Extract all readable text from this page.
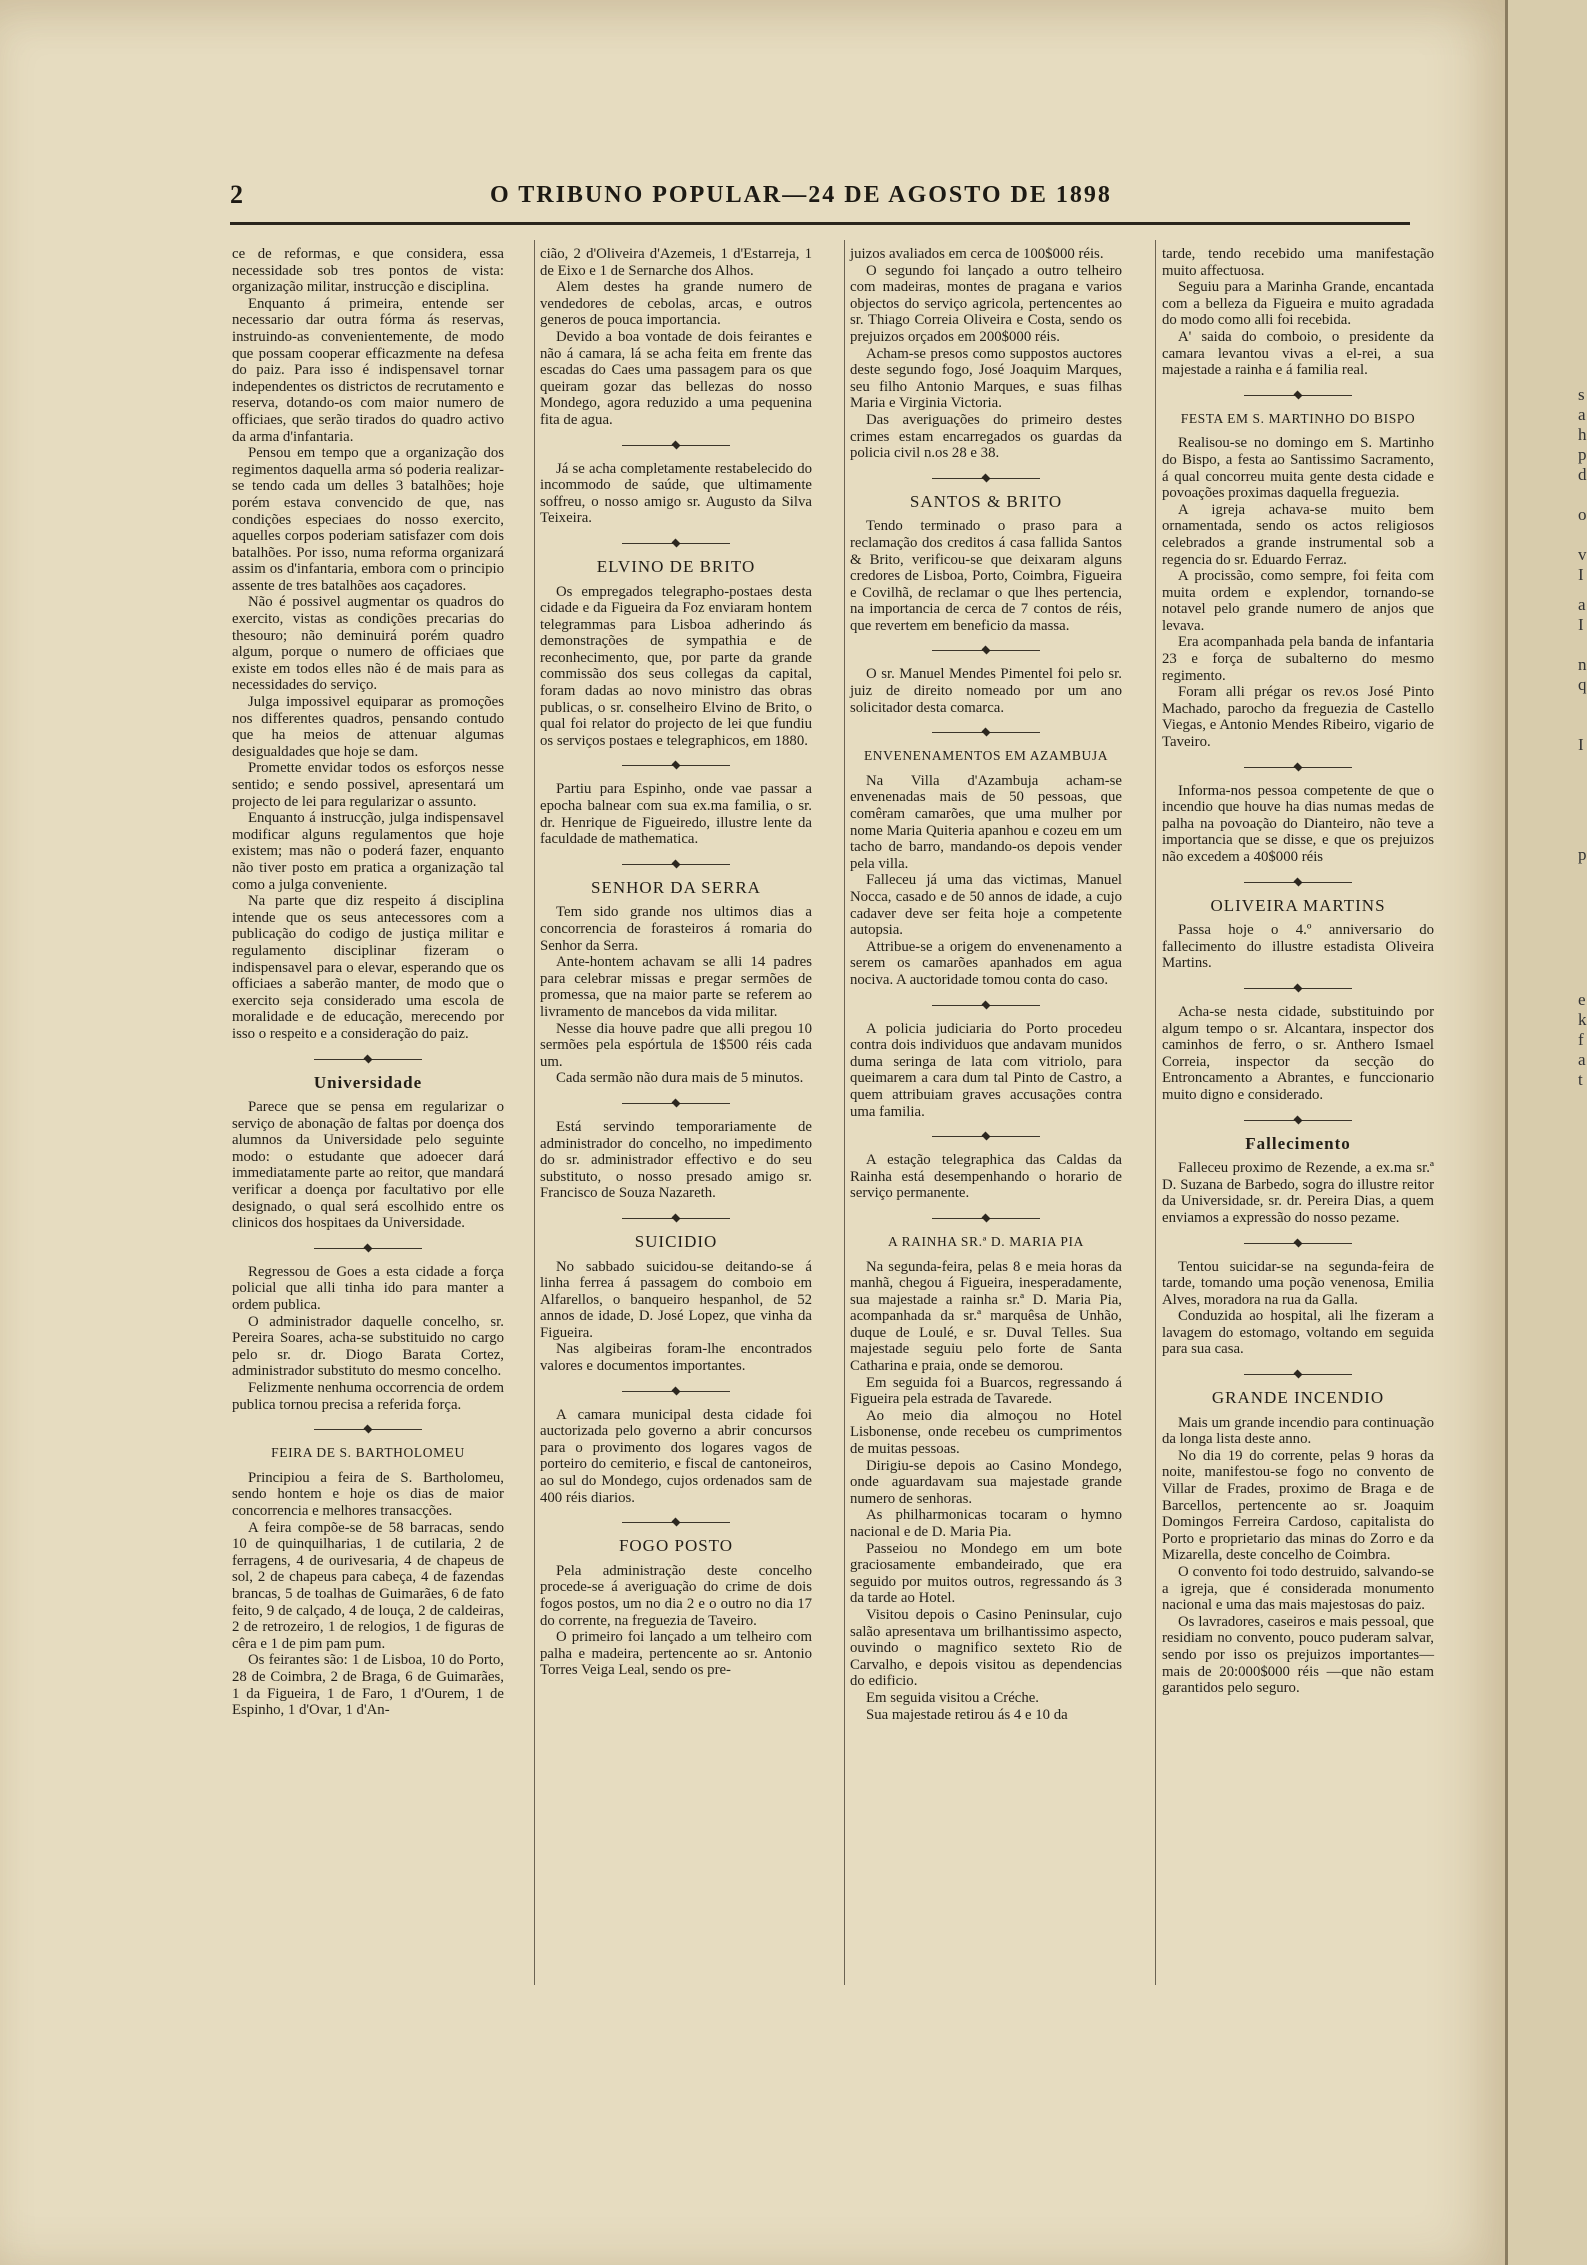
2	O TRIBUNO POPULAR—24 DE AGOSTO DE 1898

ce de reformas, e que considera, essa necessidade sob tres pontos de vista: organização militar, instrucção e disciplina.

Enquanto á primeira, entende ser necessario dar outra fórma ás reservas, instruindo-as convenientemente, de modo que possam cooperar efficazmente na defesa do paiz. Para isso é indispensavel tornar independentes os districtos de recrutamento e reserva, dotando-os com maior numero de officiaes, que serão tirados do quadro activo da arma d'infantaria.

Pensou em tempo que a organização dos regimentos daquella arma só poderia realizar-se tendo cada um delles 3 batalhões; hoje porém estava convencido de que, nas condições especiaes do nosso exercito, aquelles corpos poderiam satisfazer com dois batalhões. Por isso, numa reforma organizará assim os d'infantaria, embora com o principio assente de tres batalhões aos caçadores.

Não é possivel augmentar os quadros do exercito, vistas as condições precarias do thesouro; não deminuirá porém quadro algum, porque o numero de officiaes que existe em todos elles não é de mais para as necessidades do serviço.

Julga impossivel equiparar as promoções nos differentes quadros, pensando contudo que ha meios de attenuar algumas desigualdades que hoje se dam.

Promette envidar todos os esforços nesse sentido; e sendo possivel, apresentará um projecto de lei para regularizar o assunto.

Enquanto á instrucção, julga indispensavel modificar alguns regulamentos que hoje existem; mas não o poderá fazer, enquanto não tiver posto em pratica a organização tal como a julga conveniente.

Na parte que diz respeito á disciplina intende que os seus antecessores com a publicação do codigo de justiça militar e regulamento disciplinar fizeram o indispensavel para o elevar, esperando que os officiaes a saberão manter, de modo que o exercito seja considerado uma escola de moralidade e de educação, merecendo por isso o respeito e a consideração do paiz.

Universidade

Parece que se pensa em regularizar o serviço de abonação de faltas por doença dos alumnos da Universidade pelo seguinte modo: o estudante que adoecer dará immediatamente parte ao reitor, que mandará verificar a doença por facultativo por elle designado, o qual será escolhido entre os clinicos dos hospitaes da Universidade.

Regressou de Goes a esta cidade a força policial que alli tinha ido para manter a ordem publica.

O administrador daquelle concelho, sr. Pereira Soares, acha-se substituido no cargo pelo sr. dr. Diogo Barata Cortez, administrador substituto do mesmo concelho.

Felizmente nenhuma occorrencia de ordem publica tornou precisa a referida força.

FEIRA DE S. BARTHOLOMEU

Principiou a feira de S. Bartholomeu, sendo hontem e hoje os dias de maior concorrencia e melhores transacções.

A feira compõe-se de 58 barracas, sendo 10 de quinquilharias, 1 de cutilaria, 2 de ferragens, 4 de ourivesaria, 4 de chapeus de sol, 2 de chapeus para cabeça, 4 de fazendas brancas, 5 de toalhas de Guimarães, 6 de fato feito, 9 de calçado, 4 de louça, 2 de caldeiras, 2 de retrozeiro, 1 de relogios, 1 de figuras de cêra e 1 de pim pam pum.

Os feirantes são: 1 de Lisboa, 10 do Porto, 28 de Coimbra, 2 de Braga, 6 de Guimarães, 1 da Figueira, 1 de Faro, 1 d'Ourem, 1 de Espinho, 1 d'Ovar, 1 d'An-

cião, 2 d'Oliveira d'Azemeis, 1 d'Estarreja, 1 de Eixo e 1 de Sernarche dos Alhos.

Alem destes ha grande numero de vendedores de cebolas, arcas, e outros generos de pouca importancia.

Devido a boa vontade de dois feirantes e não á camara, lá se acha feita em frente das escadas do Caes uma passagem para os que queiram gozar das bellezas do nosso Mondego, agora reduzido a uma pequenina fita de agua.

Já se acha completamente restabelecido do incommodo de saúde, que ultimamente soffreu, o nosso amigo sr. Augusto da Silva Teixeira.

ELVINO DE BRITO

Os empregados telegrapho-postaes desta cidade e da Figueira da Foz enviaram hontem telegrammas para Lisboa adherindo ás demonstrações de sympathia e de reconhecimento, que, por parte da grande commissão dos seus collegas da capital, foram dadas ao novo ministro das obras publicas, o sr. conselheiro Elvino de Brito, o qual foi relator do projecto de lei que fundiu os serviços postaes e telegraphicos, em 1880.

Partiu para Espinho, onde vae passar a epocha balnear com sua ex.ma familia, o sr. dr. Henrique de Figueiredo, illustre lente da faculdade de mathematica.

SENHOR DA SERRA

Tem sido grande nos ultimos dias a concorrencia de forasteiros á romaria do Senhor da Serra.

Ante-hontem achavam se alli 14 padres para celebrar missas e pregar sermões de promessa, que na maior parte se referem ao livramento de mancebos da vida militar.

Nesse dia houve padre que alli pregou 10 sermões pela espórtula de 1$500 réis cada um.

Cada sermão não dura mais de 5 minutos.

Está servindo temporariamente de administrador do concelho, no impedimento do sr. administrador effectivo e do seu substituto, o nosso presado amigo sr. Francisco de Souza Nazareth.

SUICIDIO

No sabbado suicidou-se deitando-se á linha ferrea á passagem do comboio em Alfarellos, o banqueiro hespanhol, de 52 annos de idade, D. José Lopez, que vinha da Figueira.

Nas algibeiras foram-lhe encontrados valores e documentos importantes.

A camara municipal desta cidade foi auctorizada pelo governo a abrir concursos para o provimento dos logares vagos de porteiro do cemiterio, e fiscal de cantoneiros, ao sul do Mondego, cujos ordenados sam de 400 réis diarios.

FOGO POSTO

Pela administração deste concelho procede-se á averiguação do crime de dois fogos postos, um no dia 2 e o outro no dia 17 do corrente, na freguezia de Taveiro.

O primeiro foi lançado a um telheiro com palha e madeira, pertencente ao sr. Antonio Torres Veiga Leal, sendo os pre-

juizos avaliados em cerca de 100$000 réis.

O segundo foi lançado a outro telheiro com madeiras, montes de pragana e varios objectos do serviço agricola, pertencentes ao sr. Thiago Correia Oliveira e Costa, sendo os prejuizos orçados em 200$000 réis.

Acham-se presos como suppostos auctores deste segundo fogo, José Joaquim Marques, seu filho Antonio Marques, e suas filhas Maria e Virginia Victoria.

Das averiguações do primeiro destes crimes estam encarregados os guardas da policia civil n.os 28 e 38.

SANTOS & BRITO

Tendo terminado o praso para a reclamação dos creditos á casa fallida Santos & Brito, verificou-se que deixaram alguns credores de Lisboa, Porto, Coimbra, Figueira e Covilhã, de reclamar o que lhes pertencia, na importancia de cerca de 7 contos de réis, que revertem em beneficio da massa.

O sr. Manuel Mendes Pimentel foi pelo sr. juiz de direito nomeado por um ano solicitador desta comarca.

ENVENENAMENTOS EM AZAMBUJA

Na Villa d'Azambuja acham-se envenenadas mais de 50 pessoas, que comêram camarões, que uma mulher por nome Maria Quiteria apanhou e cozeu em um tacho de barro, mandando-os depois vender pela villa.

Falleceu já uma das victimas, Manuel Nocca, casado e de 50 annos de idade, a cujo cadaver deve ser feita hoje a competente autopsia.

Attribue-se a origem do envenenamento a serem os camarões apanhados em agua nociva. A auctoridade tomou conta do caso.

A policia judiciaria do Porto procedeu contra dois individuos que andavam munidos duma seringa de lata com vitriolo, para queimarem a cara dum tal Pinto de Castro, a quem attribuiam graves accusações contra uma familia.

A estação telegraphica das Caldas da Rainha está desempenhando o horario de serviço permanente.

A RAINHA SR.ª D. MARIA PIA

Na segunda-feira, pelas 8 e meia horas da manhã, chegou á Figueira, inesperadamente, sua majestade a rainha sr.ª D. Maria Pia, acompanhada da sr.ª marquêsa de Unhão, duque de Loulé, e sr. Duval Telles. Sua majestade seguiu pelo forte de Santa Catharina e praia, onde se demorou.

Em seguida foi a Buarcos, regressando á Figueira pela estrada de Tavarede.

Ao meio dia almoçou no Hotel Lisbonense, onde recebeu os cumprimentos de muitas pessoas.

Dirigiu-se depois ao Casino Mondego, onde aguardavam sua majestade grande numero de senhoras.

As philharmonicas tocaram o hymno nacional e de D. Maria Pia.

Passeiou no Mondego em um bote graciosamente embandeirado, que era seguido por muitos outros, regressando ás 3 da tarde ao Hotel.

Visitou depois o Casino Peninsular, cujo salão apresentava um brilhantissimo aspecto, ouvindo o magnifico sexteto Rio de Carvalho, e depois visitou as dependencias do edificio.

Em seguida visitou a Créche.

Sua majestade retirou ás 4 e 10 da

tarde, tendo recebido uma manifestação muito affectuosa.

Seguiu para a Marinha Grande, encantada com a belleza da Figueira e muito agradada do modo como alli foi recebida.

A' saida do comboio, o presidente da camara levantou vivas a el-rei, a sua majestade a rainha e á familia real.

FESTA EM S. MARTINHO DO BISPO

Realisou-se no domingo em S. Martinho do Bispo, a festa ao Santissimo Sacramento, á qual concorreu muita gente desta cidade e povoações proximas daquella freguezia.

A igreja achava-se muito bem ornamentada, sendo os actos religiosos celebrados a grande instrumental sob a regencia do sr. Eduardo Ferraz.

A procissão, como sempre, foi feita com muita ordem e explendor, tornando-se notavel pelo grande numero de anjos que levava.

Era acompanhada pela banda de infantaria 23 e força de subalterno do mesmo regimento.

Foram alli prégar os rev.os José Pinto Machado, parocho da freguezia de Castello Viegas, e Antonio Mendes Ribeiro, vigario de Taveiro.

Informa-nos pessoa competente de que o incendio que houve ha dias numas medas de palha na povoação do Dianteiro, não teve a importancia que se disse, e que os prejuizos não excedem a 40$000 réis

OLIVEIRA MARTINS

Passa hoje o 4.º anniversario do fallecimento do illustre estadista Oliveira Martins.

Acha-se nesta cidade, substituindo por algum tempo o sr. Alcantara, inspector dos caminhos de ferro, o sr. Anthero Ismael Correia, inspector da secção do Entroncamento a Abrantes, e funccionario muito digno e considerado.

Fallecimento

Falleceu proximo de Rezende, a ex.ma sr.ª D. Suzana de Barbedo, sogra do illustre reitor da Universidade, sr. dr. Pereira Dias, a quem enviamos a expressão do nosso pezame.

Tentou suicidar-se na segunda-feira de tarde, tomando uma poção venenosa, Emilia Alves, moradora na rua da Galla.

Conduzida ao hospital, ali lhe fizeram a lavagem do estomago, voltando em seguida para sua casa.

GRANDE INCENDIO

Mais um grande incendio para continuação da longa lista deste anno.

No dia 19 do corrente, pelas 9 horas da noite, manifestou-se fogo no convento de Villar de Frades, proximo de Braga e de Barcellos, pertencente ao sr. Joaquim Domingos Ferreira Cardoso, capitalista do Porto e proprietario das minas do Zorro e da Mizarella, deste concelho de Coimbra.

O convento foi todo destruido, salvando-se a igreja, que é considerada monumento nacional e uma das mais majestosas do paiz.

Os lavradores, caseiros e mais pessoal, que residiam no convento, pouco puderam salvar, sendo por isso os prejuizos importantes—mais de 20:000$000 réis —que não estam garantidos pelo seguro.

s
a
h
p
d
o
v
I
a
I
n
q
I
p
e
k
f
a
t
